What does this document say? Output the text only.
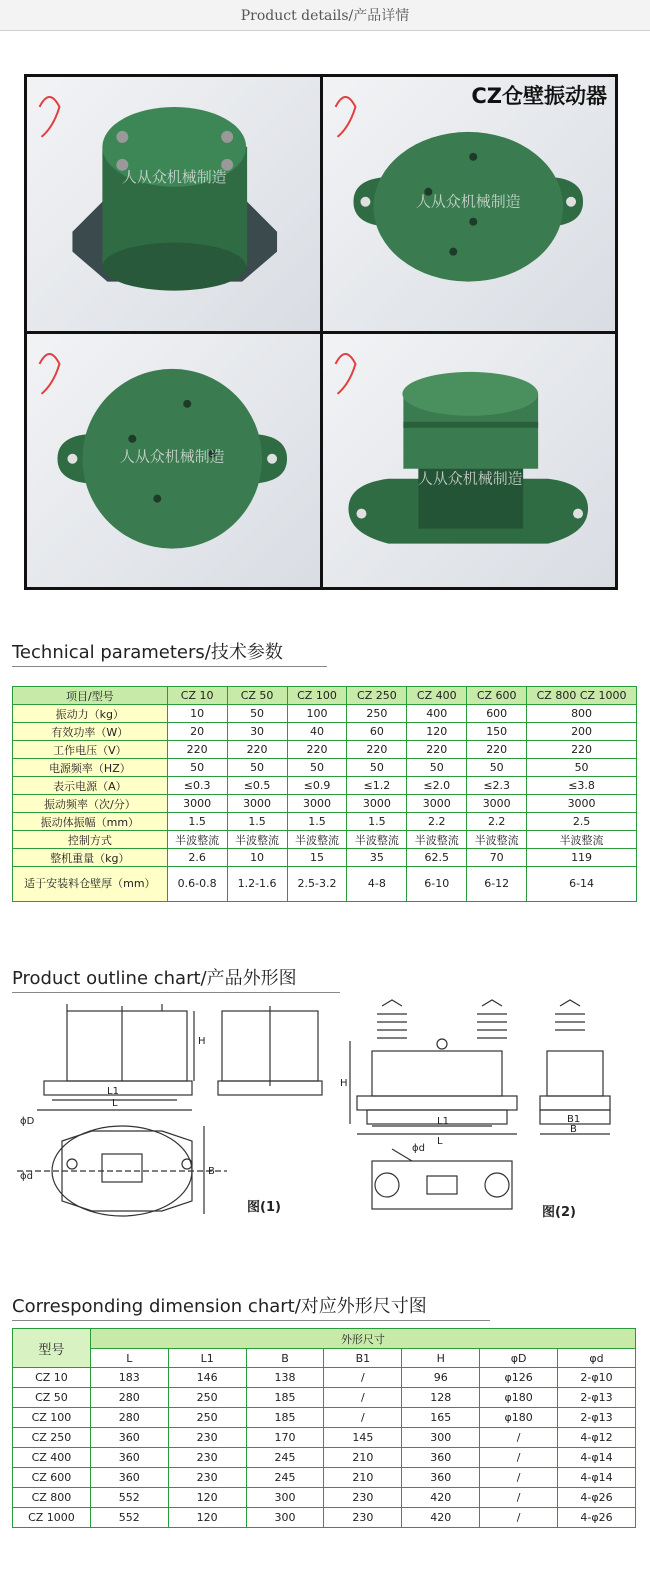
Product details/产品详情
人从众机械制造
人从众机械制造
CZ仓壁振动器
人从众机械制造
人从众机械制造
Technical parameters/技术参数
项目/型号	CZ 10	CZ 50	CZ 100	CZ 250	CZ 400	CZ 600	CZ 800 CZ 1000
振动力（kg）	10	50	100	250	400	600	800
有效功率（W）	20	30	40	60	120	150	200
工作电压（V）	220	220	220	220	220	220	220
电源频率（HZ）	50	50	50	50	50	50	50
表示电源（A）	≤0.3	≤0.5	≤0.9	≤1.2	≤2.0	≤2.3	≤3.8
振动频率（次/分）	3000	3000	3000	3000	3000	3000	3000
振动体振幅（mm）	1.5	1.5	1.5	1.5	2.2	2.2	2.5
控制方式	半波整流	半波整流	半波整流	半波整流	半波整流	半波整流	半波整流
整机重量（kg）	2.6	10	15	35	62.5	70	119
适于安装料仓壁厚（mm）	0.6-0.8	1.2-1.6	2.5-3.2	4-8	6-10	6-12	6-14
Product outline chart/产品外形图
L1
L
H
ϕD
ϕd	B
L1
L
H
B1
B
ϕd
图(1)	图(2)
Corresponding dimension chart/对应外形尺寸图
型号	外形尺寸						
	L	L1	B	B1	H	φD	φd
CZ 10	183	146	138	/	96	φ126	2-φ10
CZ 50	280	250	185	/	128	φ180	2-φ13
CZ 100	280	250	185	/	165	φ180	2-φ13
CZ 250	360	230	170	145	300	/	4-φ12
CZ 400	360	230	245	210	360	/	4-φ14
CZ 600	360	230	245	210	360	/	4-φ14
CZ 800	552	120	300	230	420	/	4-φ26
CZ 1000	552	120	300	230	420	/	4-φ26
